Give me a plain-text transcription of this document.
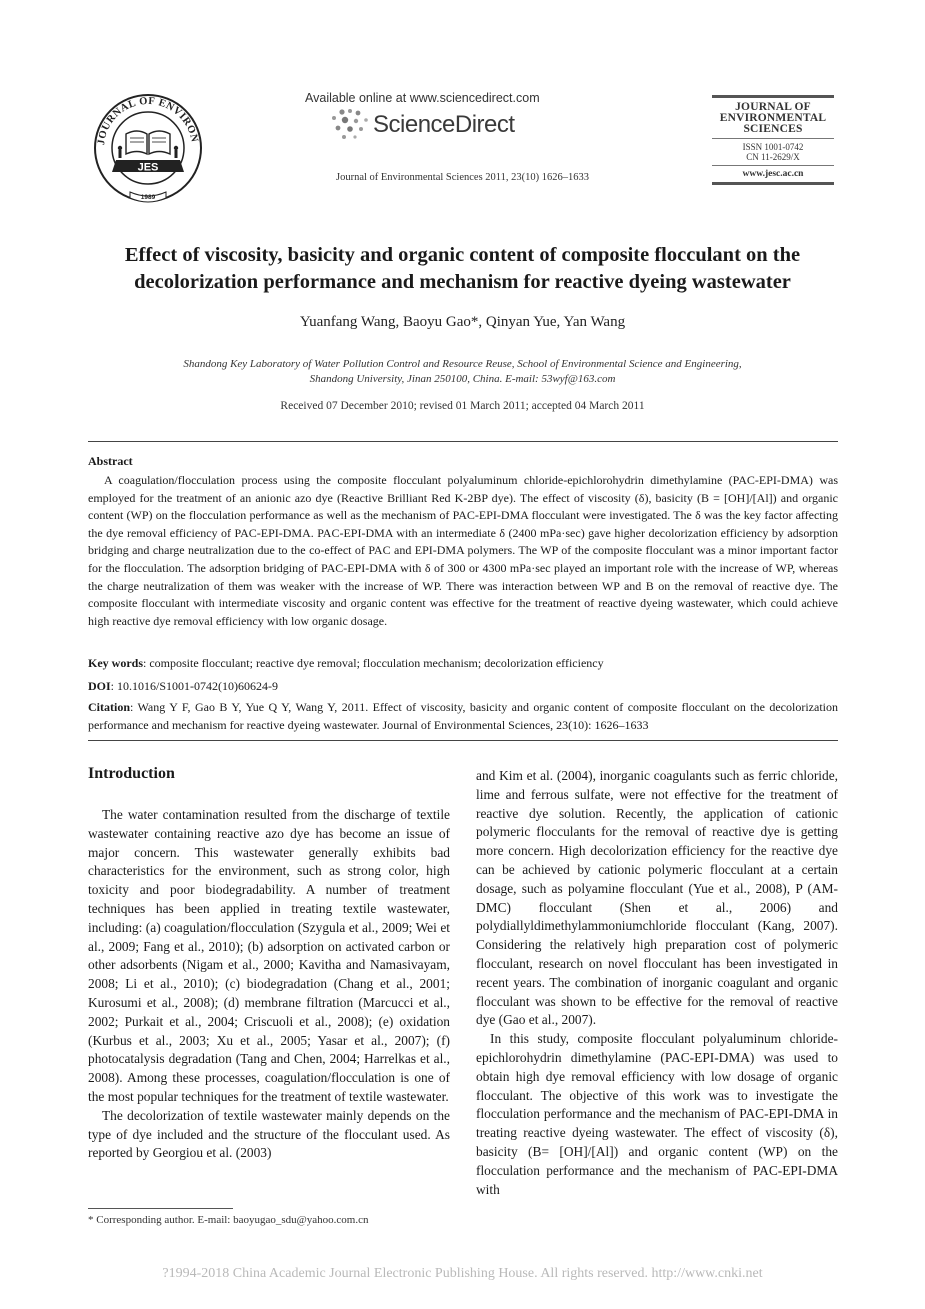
JOURNAL OF ENVIRON
JES
1989
Available online at www.sciencedirect.com
ScienceDirect
Journal of Environmental Sciences 2011, 23(10) 1626–1633
JOURNAL OF
ENVIRONMENTAL
SCIENCES
ISSN 1001-0742
CN 11-2629/X
www.jesc.ac.cn
Effect of viscosity, basicity and organic content of composite flocculant on the
decolorization performance and mechanism for reactive dyeing wastewater
Yuanfang Wang, Baoyu Gao*, Qinyan Yue, Yan Wang
Shandong Key Laboratory of Water Pollution Control and Resource Reuse, School of Environmental Science and Engineering,
Shandong University, Jinan 250100, China. E-mail: 53wyf@163.com
Received 07 December 2010; revised 01 March 2011; accepted 04 March 2011
Abstract
A coagulation/flocculation process using the composite flocculant polyaluminum chloride-epichlorohydrin dimethylamine (PAC-EPI-DMA) was employed for the treatment of an anionic azo dye (Reactive Brilliant Red K-2BP dye). The effect of viscosity (δ), basicity (B = [OH]/[Al]) and organic content (WP) on the flocculation performance as well as the mechanism of PAC-EPI-DMA flocculant were investigated. The δ was the key factor affecting the dye removal efficiency of PAC-EPI-DMA. PAC-EPI-DMA with an intermediate δ (2400 mPa·sec) gave higher decolorization efficiency by adsorption bridging and charge neutralization due to the co-effect of PAC and EPI-DMA polymers. The WP of the composite flocculant was a minor important factor for the flocculation. The adsorption bridging of PAC-EPI-DMA with δ of 300 or 4300 mPa·sec played an important role with the increase of WP, whereas the charge neutralization of them was weaker with the increase of WP. There was interaction between WP and B on the removal of reactive dye. The composite flocculant with intermediate viscosity and organic content was effective for the treatment of reactive dyeing wastewater, which could achieve high reactive dye removal efficiency with low organic dosage.
Key words: composite flocculant; reactive dye removal; flocculation mechanism; decolorization efficiency
DOI: 10.1016/S1001-0742(10)60624-9
Citation: Wang Y F, Gao B Y, Yue Q Y, Wang Y, 2011. Effect of viscosity, basicity and organic content of composite flocculant on the decolorization performance and mechanism for reactive dyeing wastewater. Journal of Environmental Sciences, 23(10): 1626–1633
Introduction

The water contamination resulted from the discharge of textile wastewater containing reactive azo dye has become an issue of major concern. This wastewater generally exhibits bad characteristics for the environment, such as strong color, high toxicity and poor biodegradability. A number of treatment techniques has been applied in treating textile wastewater, including: (a) coagulation/flocculation (Szygula et al., 2009; Wei et al., 2009; Fang et al., 2010); (b) adsorption on activated carbon or other adsorbents (Nigam et al., 2000; Kavitha and Namasivayam, 2008; Li et al., 2010); (c) biodegradation (Chang et al., 2001; Kurosumi et al., 2008); (d) membrane filtration (Marcucci et al., 2002; Purkait et al., 2004; Criscuoli et al., 2008); (e) oxidation (Kurbus et al., 2003; Xu et al., 2005; Yasar et al., 2007); (f) photocatalysis degradation (Tang and Chen, 2004; Harrelkas et al., 2008). Among these processes, coagulation/flocculation is one of the most popular techniques for the treatment of textile wastewater.

The decolorization of textile wastewater mainly depends on the type of dye included and the structure of the flocculant used. As reported by Georgiou et al. (2003)

and Kim et al. (2004), inorganic coagulants such as ferric chloride, lime and ferrous sulfate, were not effective for the treatment of reactive dye solution. Recently, the application of cationic polymeric flocculants for the removal of reactive dye is getting more concern. High decolorization efficiency for the reactive dye can be achieved by cationic polymeric flocculant at a certain dosage, such as polyamine flocculant (Yue et al., 2008), P (AM-DMC) flocculant (Shen et al., 2006) and polydiallyldimethylammoniumchloride flocculant (Kang, 2007). Considering the relatively high preparation cost of polymeric flocculant, research on novel flocculant has been investigated in recent years. The combination of inorganic coagulant and organic flocculant was shown to be effective for the removal of reactive dye (Gao et al., 2007).

In this study, composite flocculant polyaluminum chloride-epichlorohydrin dimethylamine (PAC-EPI-DMA) was used to obtain high dye removal efficiency with low dosage of organic flocculant. The objective of this work was to investigate the flocculation performance and the mechanism of PAC-EPI-DMA in treating reactive dyeing wastewater. The effect of viscosity (δ), basicity (B= [OH]/[Al]) and organic content (WP) on the flocculation performance and the mechanism of PAC-EPI-DMA with

* Corresponding author. E-mail: baoyugao_sdu@yahoo.com.cn
?1994-2018 China Academic Journal Electronic Publishing House. All rights reserved. http://www.cnki.net
